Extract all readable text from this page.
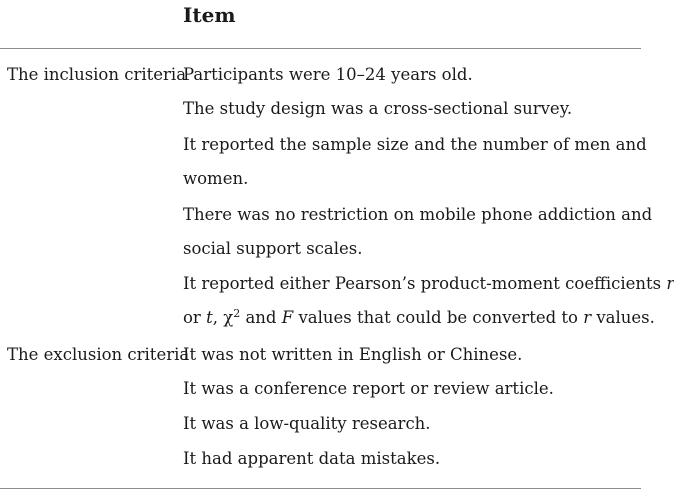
Item
The inclusion criteria
Participants were 10–24 years old.
The study design was a cross-sectional survey.
It reported the sample size and the number of men and
women.
There was no restriction on mobile phone addiction and
social support scales.
It reported either Pearson’s product-moment coefficients r
or t, $\chi^2$ and F values that could be converted to r values.
The exclusion criteria
It was not written in English or Chinese.
It was a conference report or review article.
It was a low-quality research.
It had apparent data mistakes.
